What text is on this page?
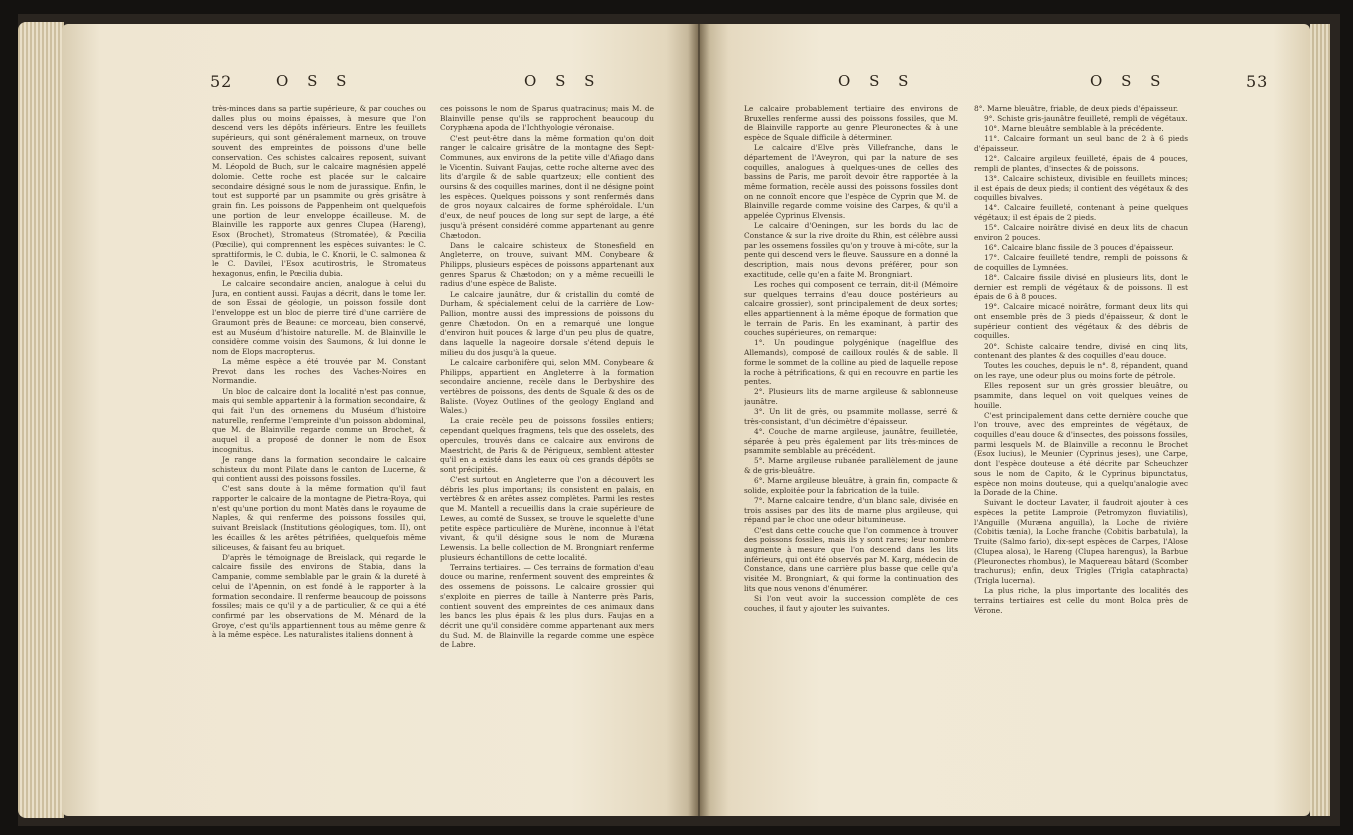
52	O S S	O S S

très-minces dans sa partie supérieure, & par couches ou dalles plus ou moins épaisses, à mesure que l'on descend vers les dépôts inférieurs. Entre les feuillets supérieurs, qui sont généralement marneux, on trouve souvent des empreintes de poissons d'une belle conservation. Ces schistes calcaires reposent, suivant M. Léopold de Buch, sur le calcaire magnésien appelé dolomie. Cette roche est placée sur le calcaire secondaire désigné sous le nom de jurassique. Enfin, le tout est supporté par un psammite ou grès grisâtre à grain fin. Les poissons de Pappenheim ont quelquefois une portion de leur enveloppe écailleuse. M. de Blainville les rapporte aux genres Clupea (Hareng), Esox (Brochet), Stromateus (Stromatée), & Pœcilia (Pœcilie), qui comprennent les espèces suivantes: le C. sprattiformis, le C. dubia, le C. Knorii, le C. salmonea & le C. Davilei, l'Esox acutirostris, le Stromateus hexagonus, enfin, le Pœcilia dubia.

Le calcaire secondaire ancien, analogue à celui du Jura, en contient aussi. Faujas a décrit, dans le tome Ier. de son Essai de géologie, un poisson fossile dont l'enveloppe est un bloc de pierre tiré d'une carrière de Graumont près de Beaune: ce morceau, bien conservé, est au Muséum d'histoire naturelle. M. de Blainville le considère comme voisin des Saumons, & lui donne le nom de Elops macropterus.

La même espèce a été trouvée par M. Constant Prevot dans les roches des Vaches-Noires en Normandie.

Un bloc de calcaire dont la localité n'est pas connue, mais qui semble appartenir à la formation secondaire, & qui fait l'un des ornemens du Muséum d'histoire naturelle, renferme l'empreinte d'un poisson abdominal, que M. de Blainville regarde comme un Brochet, & auquel il a proposé de donner le nom de Esox incognitus.

Je range dans la formation secondaire le calcaire schisteux du mont Pilate dans le canton de Lucerne, & qui contient aussi des poissons fossiles.

C'est sans doute à la même formation qu'il faut rapporter le calcaire de la montagne de Pietra-Roya, qui n'est qu'une portion du mont Matès dans le royaume de Naples, & qui renferme des poissons fossiles qui, suivant Breislack (Institutions géologiques, tom. II), ont les écailles & les arêtes pétrifiées, quelquefois même siliceuses, & faisant feu au briquet.

D'après le témoignage de Breislack, qui regarde le calcaire fissile des environs de Stabia, dans la Campanie, comme semblable par le grain & la dureté à celui de l'Apennin, on est fondé à le rapporter à la formation secondaire. Il renferme beaucoup de poissons fossiles; mais ce qu'il y a de particulier, & ce qui a été confirmé par les observations de M. Ménard de la Groye, c'est qu'ils appartiennent tous au même genre & à la même espèce. Les naturalistes italiens donnent à

ces poissons le nom de Sparus quatracinus; mais M. de Blainville pense qu'ils se rapprochent beaucoup du Coryphæna apoda de l'Ichthyologie véronaise.

C'est peut-être dans la même formation qu'on doit ranger le calcaire grisâtre de la montagne des Sept-Communes, aux environs de la petite ville d'Afiago dans le Vicentin. Suivant Faujas, cette roche alterne avec des lits d'argile & de sable quartzeux; elle contient des oursins & des coquilles marines, dont il ne désigne point les espèces. Quelques poissons y sont renfermés dans de gros noyaux calcaires de forme sphéroïdale. L'un d'eux, de neuf pouces de long sur sept de large, a été jusqu'à présent considéré comme appartenant au genre Chætodon.

Dans le calcaire schisteux de Stonesfield en Angleterre, on trouve, suivant MM. Conybeare & Philipps, plusieurs espèces de poissons appartenant aux genres Sparus & Chætodon; on y a même recueilli le radius d'une espèce de Baliste.

Le calcaire jaunâtre, dur & cristallin du comté de Durham, & spécialement celui de la carrière de Low-Pallion, montre aussi des impressions de poissons du genre Chætodon. On en a remarqué une longue d'environ huit pouces & large d'un peu plus de quatre, dans laquelle la nageoire dorsale s'étend depuis le milieu du dos jusqu'à la queue.

Le calcaire carbonifère qui, selon MM. Conybeare & Philipps, appartient en Angleterre à la formation secondaire ancienne, recèle dans le Derbyshire des vertèbres de poissons, des dents de Squale & des os de Baliste. (Voyez Outlines of the geology England and Wales.)

La craie recèle peu de poissons fossiles entiers; cependant quelques fragmens, tels que des osselets, des opercules, trouvés dans ce calcaire aux environs de Maestricht, de Paris & de Périgueux, semblent attester qu'il en a existé dans les eaux où ces grands dépôts se sont précipités.

C'est surtout en Angleterre que l'on a découvert les débris les plus importans; ils consistent en palais, en vertèbres & en arêtes assez complètes. Parmi les restes que M. Mantell a recueillis dans la craie supérieure de Lewes, au comté de Sussex, se trouve le squelette d'une petite espèce particulière de Murène, inconnue à l'état vivant, & qu'il désigne sous le nom de Muræna Lewensis. La belle collection de M. Brongniart renferme plusieurs échantillons de cette localité.

Terrains tertiaires. — Ces terrains de formation d'eau douce ou marine, renferment souvent des empreintes & des ossemens de poissons. Le calcaire grossier qui s'exploite en pierres de taille à Nanterre près Paris, contient souvent des empreintes de ces animaux dans les bancs les plus épais & les plus durs. Faujas en a décrit une qu'il considère comme appartenant aux mers du Sud. M. de Blainville la regarde comme une espèce de Labre.

O S S	O S S	53

Le calcaire probablement tertiaire des environs de Bruxelles renferme aussi des poissons fossiles, que M. de Blainville rapporte au genre Pleuronectes & à une espèce de Squale difficile à déterminer.

Le calcaire d'Elve près Villefranche, dans le département de l'Aveyron, qui par la nature de ses coquilles, analogues à quelques-unes de celles des bassins de Paris, me paroît devoir être rapportée à la même formation, recèle aussi des poissons fossiles dont on ne connoît encore que l'espèce de Cyprin que M. de Blainville regarde comme voisine des Carpes, & qu'il a appelée Cyprinus Elvensis.

Le calcaire d'Oeningen, sur les bords du lac de Constance & sur la rive droite du Rhin, est célèbre aussi par les ossemens fossiles qu'on y trouve à mi-côte, sur la pente qui descend vers le fleuve. Saussure en a donné la description, mais nous devons préférer, pour son exactitude, celle qu'en a faite M. Brongniart.

Les roches qui composent ce terrain, dit-il (Mémoire sur quelques terrains d'eau douce postérieurs au calcaire grossier), sont principalement de deux sortes; elles appartiennent à la même époque de formation que le terrain de Paris. En les examinant, à partir des couches supérieures, on remarque:

1°. Un poudingue polygénique (nagelflue des Allemands), composé de cailloux roulés & de sable. Il forme le sommet de la colline au pied de laquelle repose la roche à pétrifications, & qui en recouvre en partie les pentes.

2°. Plusieurs lits de marne argileuse & sablonneuse jaunâtre.

3°. Un lit de grès, ou psammite mollasse, serré & très-consistant, d'un décimètre d'épaisseur.

4°. Couche de marne argileuse, jaunâtre, feuilletée, séparée à peu près également par lits très-minces de psammite semblable au précédent.

5°. Marne argileuse rubanée parallèlement de jaune & de gris-bleuâtre.

6°. Marne argileuse bleuâtre, à grain fin, compacte & solide, exploitée pour la fabrication de la tuile.

7°. Marne calcaire tendre, d'un blanc sale, divisée en trois assises par des lits de marne plus argileuse, qui répand par le choc une odeur bitumineuse.

C'est dans cette couche que l'on commence à trouver des poissons fossiles, mais ils y sont rares; leur nombre augmente à mesure que l'on descend dans les lits inférieurs, qui ont été observés par M. Karg, médecin de Constance, dans une carrière plus basse que celle qu'a visitée M. Brongniart, & qui forme la continuation des lits que nous venons d'énumérer.

Si l'on veut avoir la succession complète de ces couches, il faut y ajouter les suivantes.

8°. Marne bleuâtre, friable, de deux pieds d'épaisseur.

9°. Schiste gris-jaunâtre feuilleté, rempli de végétaux.

10°. Marne bleuâtre semblable à la précédente.

11°. Calcaire formant un seul banc de 2 à 6 pieds d'épaisseur.

12°. Calcaire argileux feuilleté, épais de 4 pouces, rempli de plantes, d'insectes & de poissons.

13°. Calcaire schisteux, divisible en feuillets minces; il est épais de deux pieds; il contient des végétaux & des coquilles bivalves.

14°. Calcaire feuilleté, contenant à peine quelques végétaux; il est épais de 2 pieds.

15°. Calcaire noirâtre divisé en deux lits de chacun environ 2 pouces.

16°. Calcaire blanc fissile de 3 pouces d'épaisseur.

17°. Calcaire feuilleté tendre, rempli de poissons & de coquilles de Lymnées.

18°. Calcaire fissile divisé en plusieurs lits, dont le dernier est rempli de végétaux & de poissons. Il est épais de 6 à 8 pouces.

19°. Calcaire micacé noirâtre, formant deux lits qui ont ensemble près de 3 pieds d'épaisseur, & dont le supérieur contient des végétaux & des débris de coquilles.

20°. Schiste calcaire tendre, divisé en cinq lits, contenant des plantes & des coquilles d'eau douce.

Toutes les couches, depuis le n°. 8, répandent, quand on les raye, une odeur plus ou moins forte de pétrole.

Elles reposent sur un grès grossier bleuâtre, ou psammite, dans lequel on voit quelques veines de houille.

C'est principalement dans cette dernière couche que l'on trouve, avec des empreintes de végétaux, de coquilles d'eau douce & d'insectes, des poissons fossiles, parmi lesquels M. de Blainville a reconnu le Brochet (Esox lucius), le Meunier (Cyprinus jeses), une Carpe, dont l'espèce douteuse a été décrite par Scheuchzer sous le nom de Capito, & le Cyprinus bipunctatus, espèce non moins douteuse, qui a quelqu'analogie avec la Dorade de la Chine.

Suivant le docteur Lavater, il faudroit ajouter à ces espèces la petite Lamproie (Petromyzon fluviatilis), l'Anguille (Muræna anguilla), la Loche de rivière (Cobitis tænia), la Loche franche (Cobitis barbatula), la Truite (Salmo fario), dix-sept espèces de Carpes, l'Alose (Clupea alosa), le Hareng (Clupea harengus), la Barbue (Pleuronectes rhombus), le Maquereau bâtard (Scomber trachurus); enfin, deux Trigles (Trigla cataphracta) (Trigla lucerna).

La plus riche, la plus importante des localités des terrains tertiaires est celle du mont Bolca près de Vérone.
